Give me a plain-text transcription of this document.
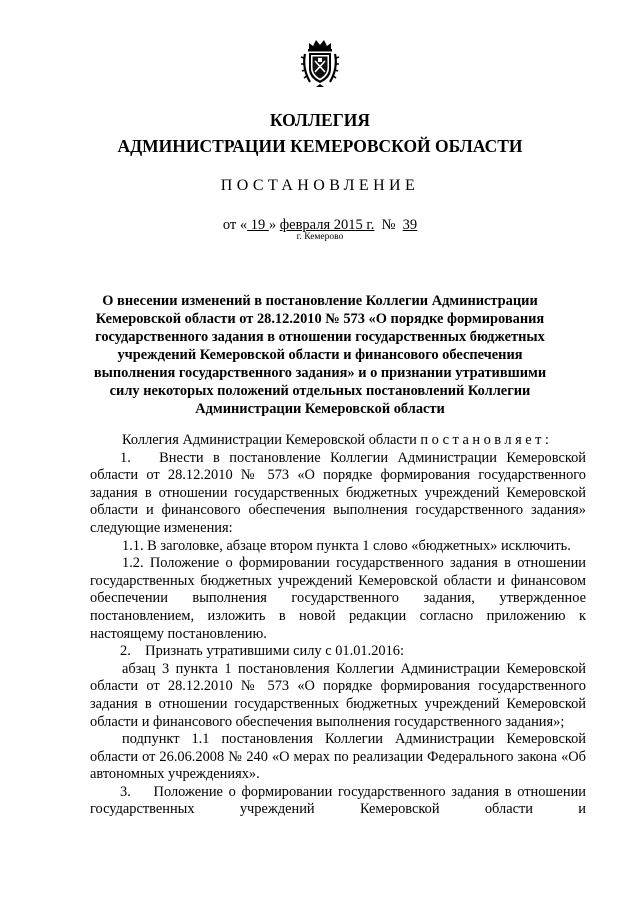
КОЛЛЕГИЯ
АДМИНИСТРАЦИИ КЕМЕРОВСКОЙ ОБЛАСТИ
ПОСТАНОВЛЕНИЕ
от « 19 » февраля 2015 г.  №  39
г. Кемерово
О внесении изменений в постановление Коллегии Администрации Кемеровской области от 28.12.2010 № 573 «О порядке формирования государственного задания в отношении государственных бюджетных учреждений Кемеровской области и финансового обеспечения выполнения государственного задания» и о признании утратившими силу некоторых положений отдельных постановлений Коллегии Администрации Кемеровской области

Коллегия Администрации Кемеровской области постановляет:

1.   Внести в постановление Коллегии Администрации Кемеровской области от 28.12.2010 № 573 «О порядке формирования государственного задания в отношении государственных бюджетных учреждений Кемеровской области и финансового обеспечения выполнения государственного задания» следующие изменения:

1.1. В заголовке, абзаце втором пункта 1 слово «бюджетных» исключить.

1.2. Положение о формировании государственного задания в отношении государственных бюджетных учреждений Кемеровской области и финансовом обеспечении выполнения государственного задания, утвержденное постановлением, изложить в новой редакции согласно приложению к настоящему постановлению.

2.    Признать утратившими силу с 01.01.2016:

абзац 3 пункта 1 постановления Коллегии Администрации Кемеровской области от 28.12.2010 № 573 «О порядке формирования государственного задания в отношении государственных бюджетных учреждений Кемеровской области и финансового обеспечения выполнения государственного задания»;

подпункт 1.1 постановления Коллегии Администрации Кемеровской области от 26.06.2008 № 240 «О мерах по реализации Федерального закона «Об автономных учреждениях».

3.    Положение о формировании государственного задания в отношении государственных учреждений Кемеровской области и
